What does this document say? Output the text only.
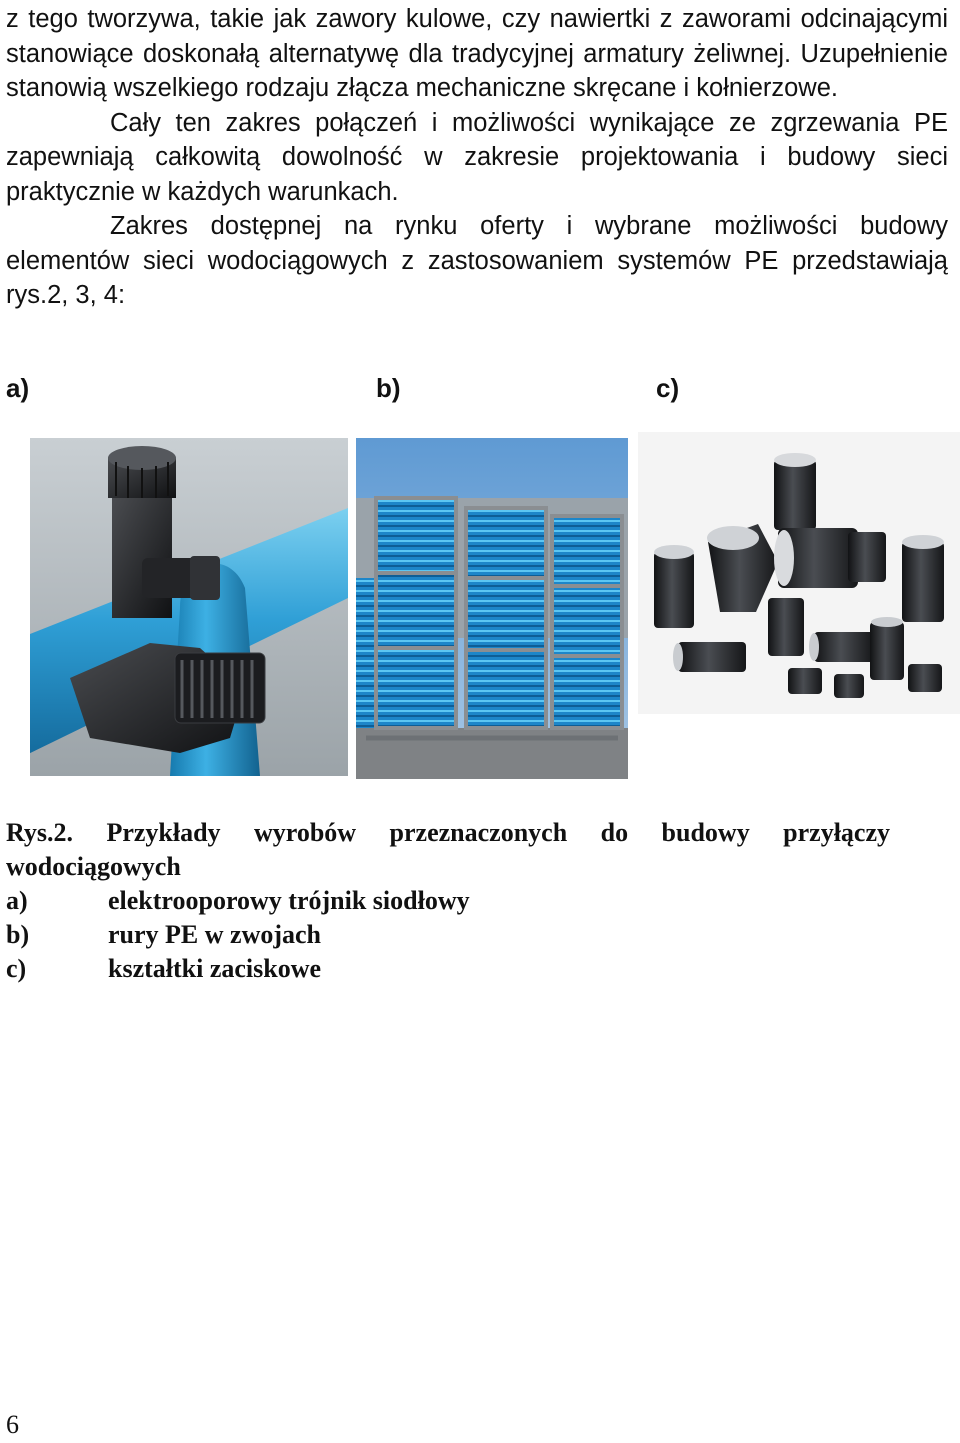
z tego tworzywa, takie jak zawory kulowe, czy nawiertki z zaworami odcinającymi stanowiące doskonałą alternatywę dla tradycyjnej armatury żeliwnej. Uzupełnienie stanowią wszelkiego rodzaju złącza mechaniczne skręcane i kołnierzowe.

Cały ten zakres połączeń i możliwości wynikające ze zgrzewania PE zapewniają całkowitą dowolność w zakresie projektowania i budowy sieci praktycznie w każdych warunkach.

Zakres dostępnej na rynku oferty i wybrane możliwości budowy elementów sieci wodociągowych z zastosowaniem systemów PE przedstawiają rys.2, 3, 4:

a)	b)	c)
Rys.2. Przykłady wyrobów przeznaczonych do budowy przyłączy
wodociągowych
a)	elektrooporowy trójnik siodłowy
b)	rury PE w zwojach
c)	kształtki zaciskowe
6
